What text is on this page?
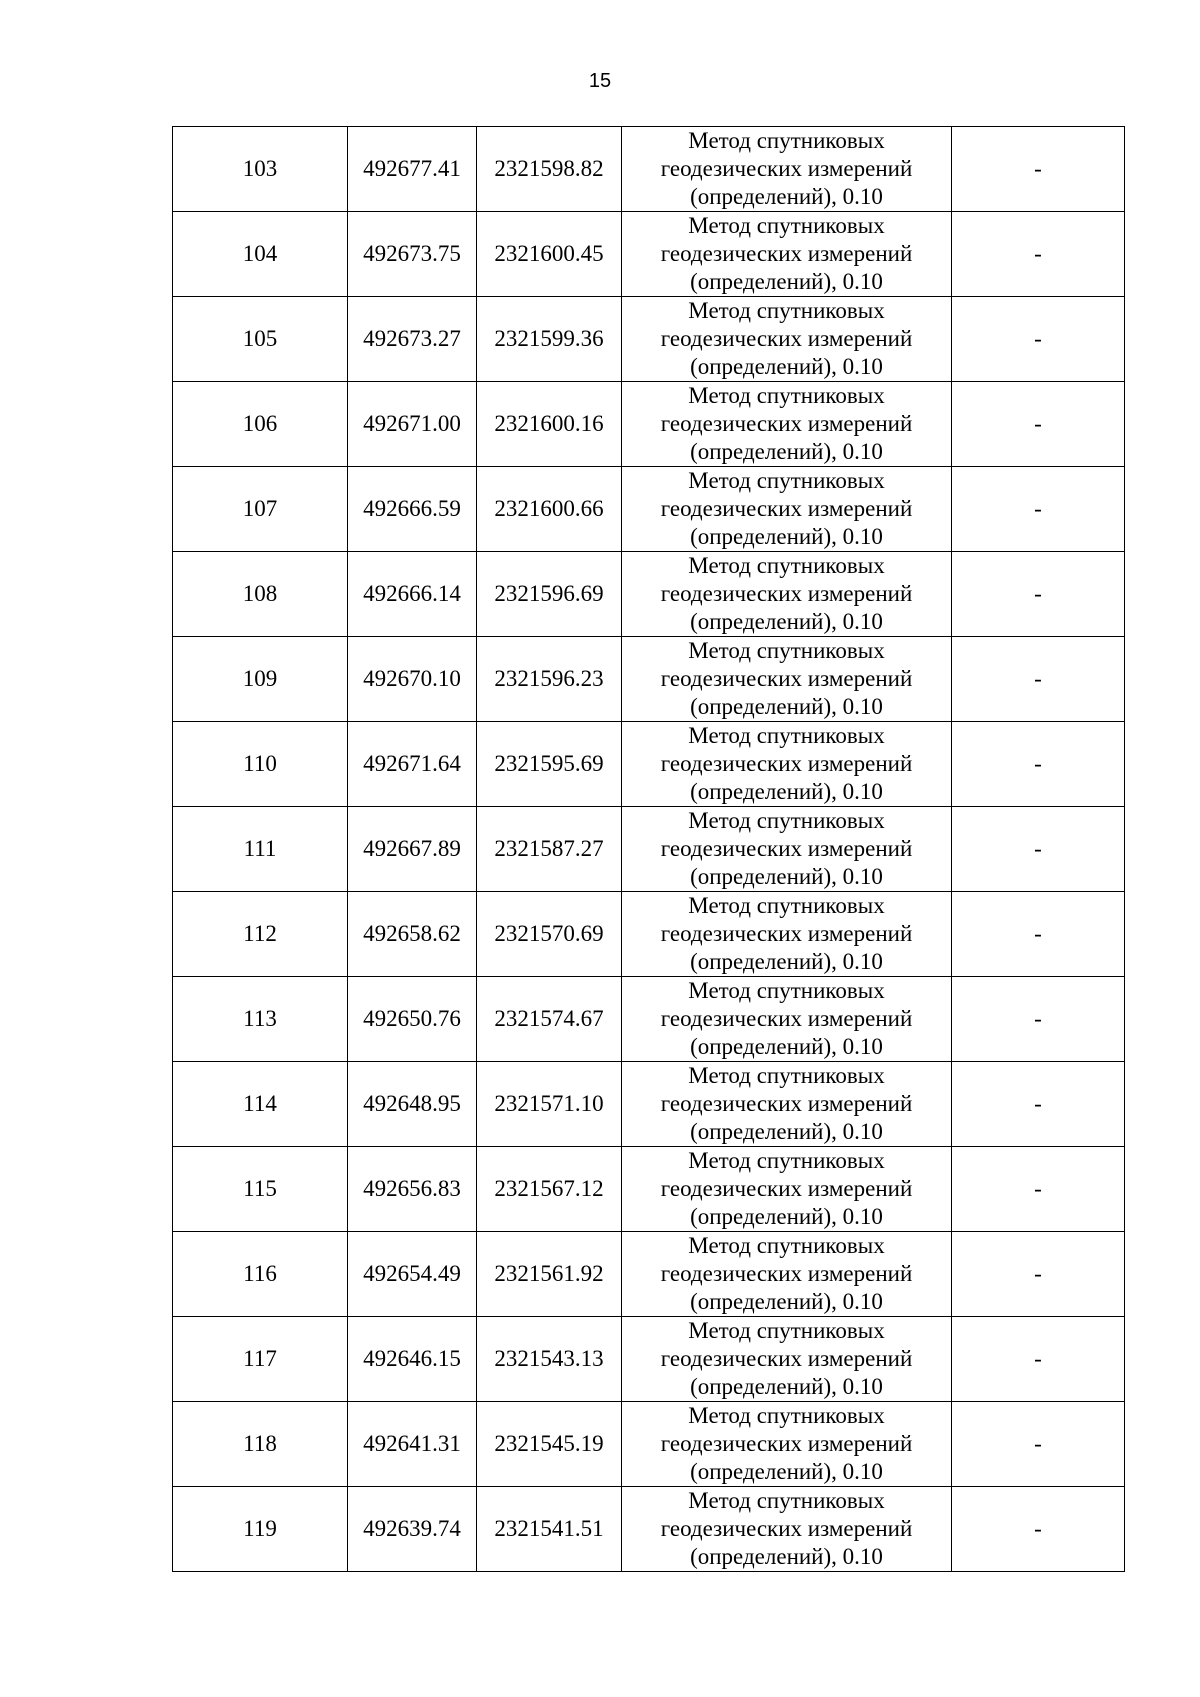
15
103	492677.41	2321598.82	Метод спутниковых
геодезических измерений
(определений), 0.10	-
104	492673.75	2321600.45	Метод спутниковых
геодезических измерений
(определений), 0.10	-
105	492673.27	2321599.36	Метод спутниковых
геодезических измерений
(определений), 0.10	-
106	492671.00	2321600.16	Метод спутниковых
геодезических измерений
(определений), 0.10	-
107	492666.59	2321600.66	Метод спутниковых
геодезических измерений
(определений), 0.10	-
108	492666.14	2321596.69	Метод спутниковых
геодезических измерений
(определений), 0.10	-
109	492670.10	2321596.23	Метод спутниковых
геодезических измерений
(определений), 0.10	-
110	492671.64	2321595.69	Метод спутниковых
геодезических измерений
(определений), 0.10	-
111	492667.89	2321587.27	Метод спутниковых
геодезических измерений
(определений), 0.10	-
112	492658.62	2321570.69	Метод спутниковых
геодезических измерений
(определений), 0.10	-
113	492650.76	2321574.67	Метод спутниковых
геодезических измерений
(определений), 0.10	-
114	492648.95	2321571.10	Метод спутниковых
геодезических измерений
(определений), 0.10	-
115	492656.83	2321567.12	Метод спутниковых
геодезических измерений
(определений), 0.10	-
116	492654.49	2321561.92	Метод спутниковых
геодезических измерений
(определений), 0.10	-
117	492646.15	2321543.13	Метод спутниковых
геодезических измерений
(определений), 0.10	-
118	492641.31	2321545.19	Метод спутниковых
геодезических измерений
(определений), 0.10	-
119	492639.74	2321541.51	Метод спутниковых
геодезических измерений
(определений), 0.10	-
